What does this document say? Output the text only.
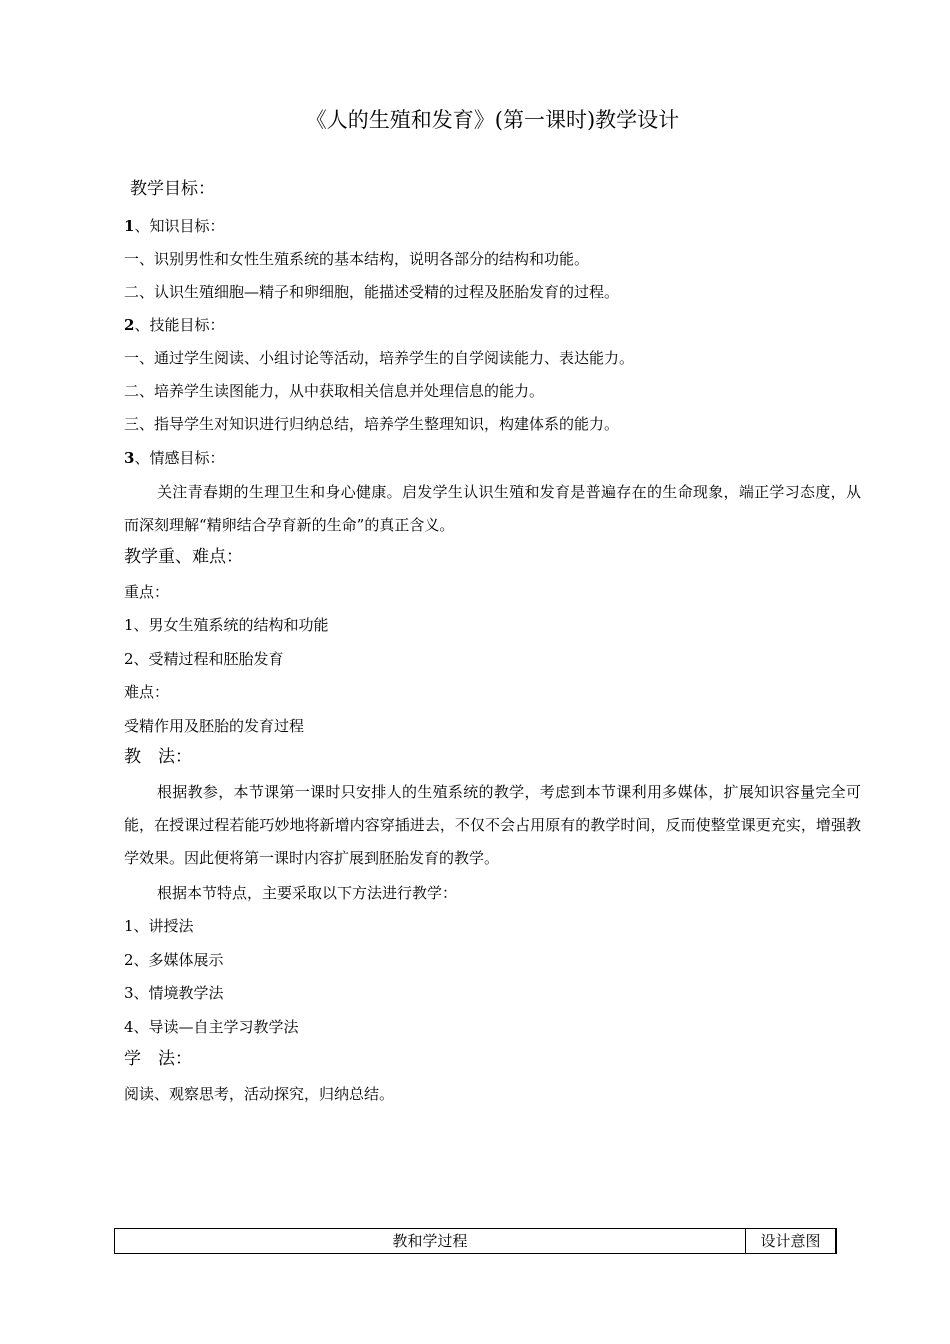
《人的生殖和发育》(第一课时)教学设计
教学目标：
1、知识目标：
一、识别男性和女性生殖系统的基本结构，说明各部分的结构和功能。
二、认识生殖细胞—精子和卵细胞，能描述受精的过程及胚胎发育的过程。
2、技能目标：
一、通过学生阅读、小组讨论等活动，培养学生的自学阅读能力、表达能力。
二、培养学生读图能力，从中获取相关信息并处理信息的能力。
三、指导学生对知识进行归纳总结，培养学生整理知识，构建体系的能力。
3、情感目标：
关注青春期的生理卫生和身心健康。启发学生认识生殖和发育是普遍存在的生命现象，端正学习态度，从而深刻理解“精卵结合孕育新的生命”的真正含义。
教学重、难点：
重点：
1、男女生殖系统的结构和功能
2、受精过程和胚胎发育
难点：
受精作用及胚胎的发育过程
教　法：
根据教参，本节课第一课时只安排人的生殖系统的教学，考虑到本节课利用多媒体，扩展知识容量完全可能，在授课过程若能巧妙地将新增内容穿插进去，不仅不会占用原有的教学时间，反而使整堂课更充实，增强教学效果。因此便将第一课时内容扩展到胚胎发育的教学。
根据本节特点，主要采取以下方法进行教学：
1、讲授法
2、多媒体展示
3、情境教学法
4、导读—自主学习教学法
学　法：
阅读、观察思考，活动探究，归纳总结。
教和学过程	设计意图
